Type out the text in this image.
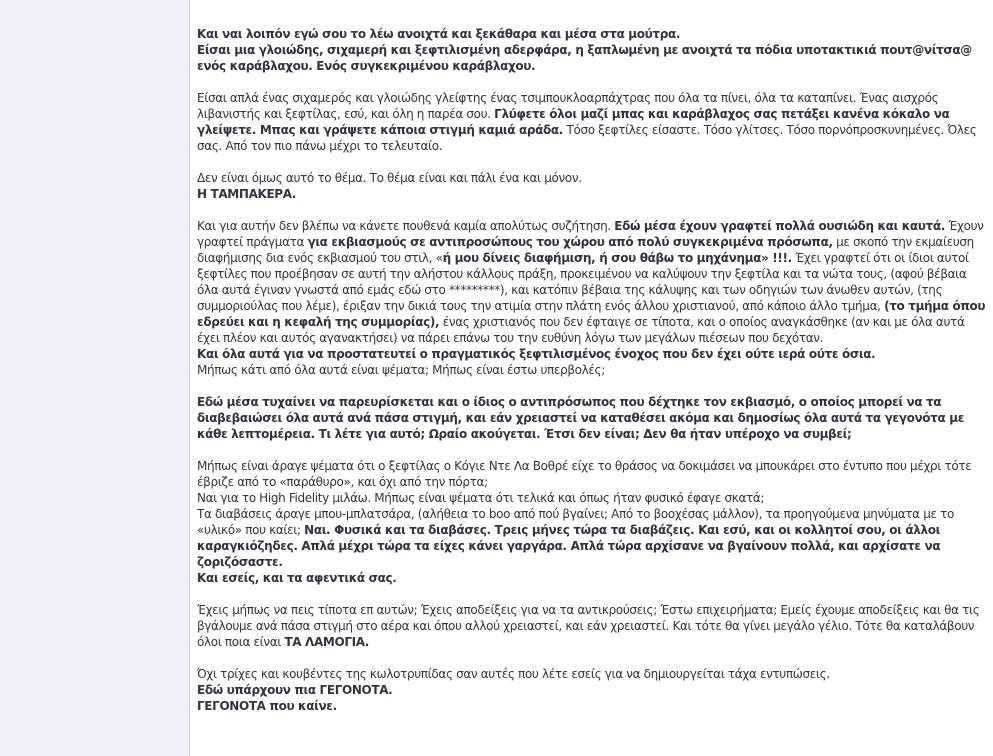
Και ναι λοιπόν εγώ σου το λέω ανοιχτά και ξεκάθαρα και μέσα στα μούτρα.
Είσαι μια γλοιώδης, σιχαμερή και ξεφτιλισμένη αδερφάρα, η ξαπλωμένη με ανοιχτά τα πόδια υποτακτικιά πουτ@νίτσα@ ενός καράβλαχου. Ενός συγκεκριμένου καράβλαχου.

Είσαι απλά ένας σιχαμερός και γλοιώδης γλείφτης ένας τσιμπουκλοαρπάχτρας που όλα τα πίνει, όλα τα καταπίνει. Ένας αισχρός λιβανιστής και ξεφτίλας, εσύ, και όλη η παρέα σου. Γλύφετε όλοι μαζί μπας και καράβλαχος σας πετάξει κανένα κόκαλο να γλείψετε. Μπας και γράψετε κάποια στιγμή καμιά αράδα. Τόσο ξεφτίλες είσαστε. Τόσο γλίτσες. Τόσο πορνόπροσκυνημένες. Όλες σας. Από τον πιο πάνω μέχρι το τελευταίο.

Δεν είναι όμως αυτό το θέμα. Το θέμα είναι και πάλι ένα και μόνον.
Η ΤΑΜΠΑΚΕΡΑ.

Και για αυτήν δεν βλέπω να κάνετε πουθενά καμία απολύτως συζήτηση. Εδώ μέσα έχουν γραφτεί πολλά ουσιώδη και καυτά. Έχουν γραφτεί πράγματα για εκβιασμούς σε αντιπροσώπους του χώρου από πολύ συγκεκριμένα πρόσωπα, με σκοπό την εκμαίευση διαφήμισης δια ενός εκβιασμού του στιλ, «ή μου δίνεις διαφήμιση, ή σου θάβω το μηχάνημα» !!!. Έχει γραφτεί ότι οι ίδιοι αυτοί ξεφτίλες που προέβησαν σε αυτή την αλήστου κάλλους πράξη, προκειμένου να καλύψουν την ξεφτίλα και τα νώτα τους, (αφού βέβαια όλα αυτά έγιναν γνωστά από εμάς εδώ στο *********), και κατόπιν βέβαια της κάλυψης και των οδηγιών των άνωθεν αυτών, (της συμμοριούλας που λέμε), έριξαν την δικιά τους την ατιμία στην πλάτη ενός άλλου χριστιανού, από κάποιο άλλο τμήμα, (το τμήμα όπου εδρεύει και η κεφαλή της συμμορίας), ένας χριστιανός που δεν έφταιγε σε τίποτα, και ο οποίος αναγκάσθηκε (αν και με όλα αυτά έχει πλέον και αυτός αγανακτήσει) να πάρει επάνω του την ευθύνη λόγω των μεγάλων πιέσεων που δεχόταν.
Και όλα αυτά για να προστατευτεί ο πραγματικός ξεφτιλισμένος ένοχος που δεν έχει ούτε ιερά ούτε όσια.
Μήπως κάτι από όλα αυτά είναι ψέματα; Μήπως είναι έστω υπερβολές;

Εδώ μέσα τυχαίνει να παρευρίσκεται και ο ίδιος ο αντιπρόσωπος που δέχτηκε τον εκβιασμό, ο οποίος μπορεί να τα διαβεβαιώσει όλα αυτά ανά πάσα στιγμή, και εάν χρειαστεί να καταθέσει ακόμα και δημοσίως όλα αυτά τα γεγονότα με κάθε λεπτομέρεια. Τι λέτε για αυτό; Ωραίο ακούγεται. Έτσι δεν είναι; Δεν θα ήταν υπέροχο να συμβεί;

Μήπως είναι άραγε ψέματα ότι ο ξεφτίλας ο Κόγιε Ντε Λα Βοθρέ είχε το θράσος να δοκιμάσει να μπουκάρει στο έντυπο που μέχρι τότε έβριζε από το «παράθυρο», και όχι από την πόρτα;
Ναι για το High Fidelity μιλάω. Μήπως είναι ψέματα ότι τελικά και όπως ήταν φυσικό έφαγε σκατά;
Τα διαβάσεις άραγε μπου-μπλατσάρα, (αλήθεια το boo από πού βγαίνει; Από το βοοχέσας μάλλον), τα προηγούμενα μηνύματα με το «υλικό» που καίει; Ναι. Φυσικά και τα διαβάσες. Τρεις μήνες τώρα τα διαβάζεις. Και εσύ, και οι κολλητοί σου, οι άλλοι καραγκιόζηδες. Απλά μέχρι τώρα τα είχες κάνει γαργάρα. Απλά τώρα αρχίσανε να βγαίνουν πολλά, και αρχίσατε να ζοριζόσαστε.
Και εσείς, και τα αφεντικά σας.

Έχεις μήπως να πεις τίποτα επ αυτών; Έχεις αποδείξεις για να τα αντικρούσεις; Έστω επιχειρήματα; Εμείς έχουμε αποδείξεις και θα τις βγάλουμε ανά πάσα στιγμή στο αέρα και όπου αλλού χρειαστεί, και εάν χρειαστεί. Και τότε θα γίνει μεγάλο γέλιο. Τότε θα καταλάβουν όλοι ποια είναι ΤΑ ΛΑΜΟΓΙΑ.

Όχι τρίχες και κουβέντες της κωλοτρυπίδας σαν αυτές που λέτε εσείς για να δημιουργείται τάχα εντυπώσεις.
Εδώ υπάρχουν πια ΓΕΓΟΝΟΤΑ.
ΓΕΓΟΝΟΤΑ που καίνε.
